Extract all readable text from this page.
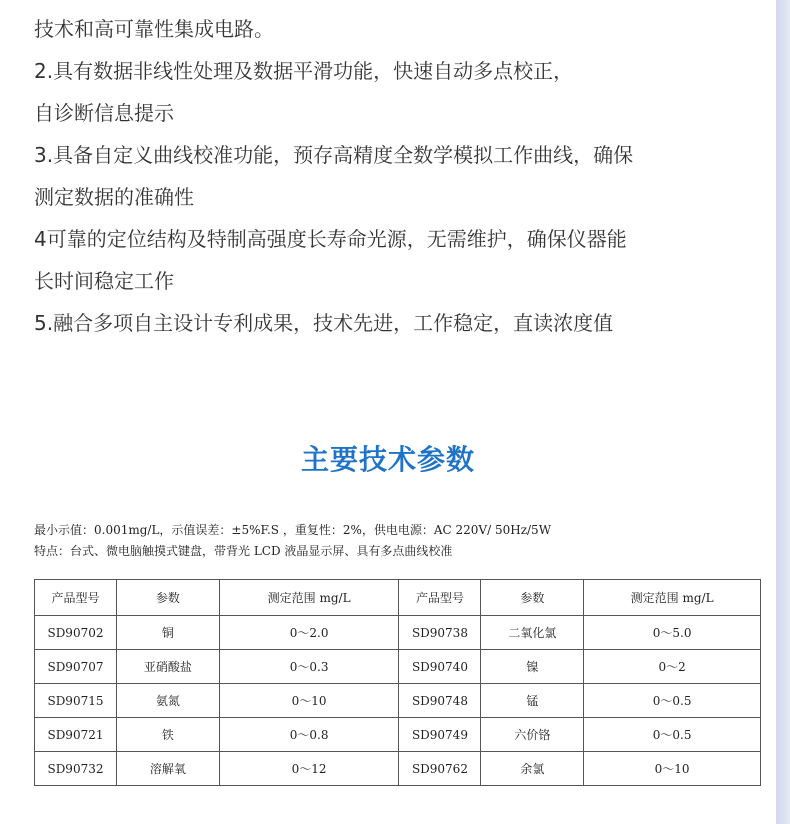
技术和高可靠性集成电路。

2.具有数据非线性处理及数据平滑功能，快速自动多点校正，

自诊断信息提示

3.具备自定义曲线校准功能，预存高精度全数学模拟工作曲线，确保

测定数据的准确性

4可靠的定位结构及特制高强度长寿命光源，无需维护，确保仪器能

长时间稳定工作

5.融合多项自主设计专利成果，技术先进，工作稳定，直读浓度值

主要技术参数
最小示值：0.001mg/L，示值误差：±5%F.S ，重复性：2%，供电电源：AC 220V/ 50Hz/5W
特点：台式、微电脑触摸式键盘，带背光 LCD 液晶显示屏、具有多点曲线校准
产品型号	参数	测定范围 mg/L	产品型号	参数	测定范围 mg/L
SD90702	铜	0～2.0	SD90738	二氧化氯	0～5.0
SD90707	亚硝酸盐	0～0.3	SD90740	镍	0～2
SD90715	氨氮	0～10	SD90748	锰	0～0.5
SD90721	铁	0～0.8	SD90749	六价铬	0～0.5
SD90732	溶解氧	0～12	SD90762	余氯	0～10
